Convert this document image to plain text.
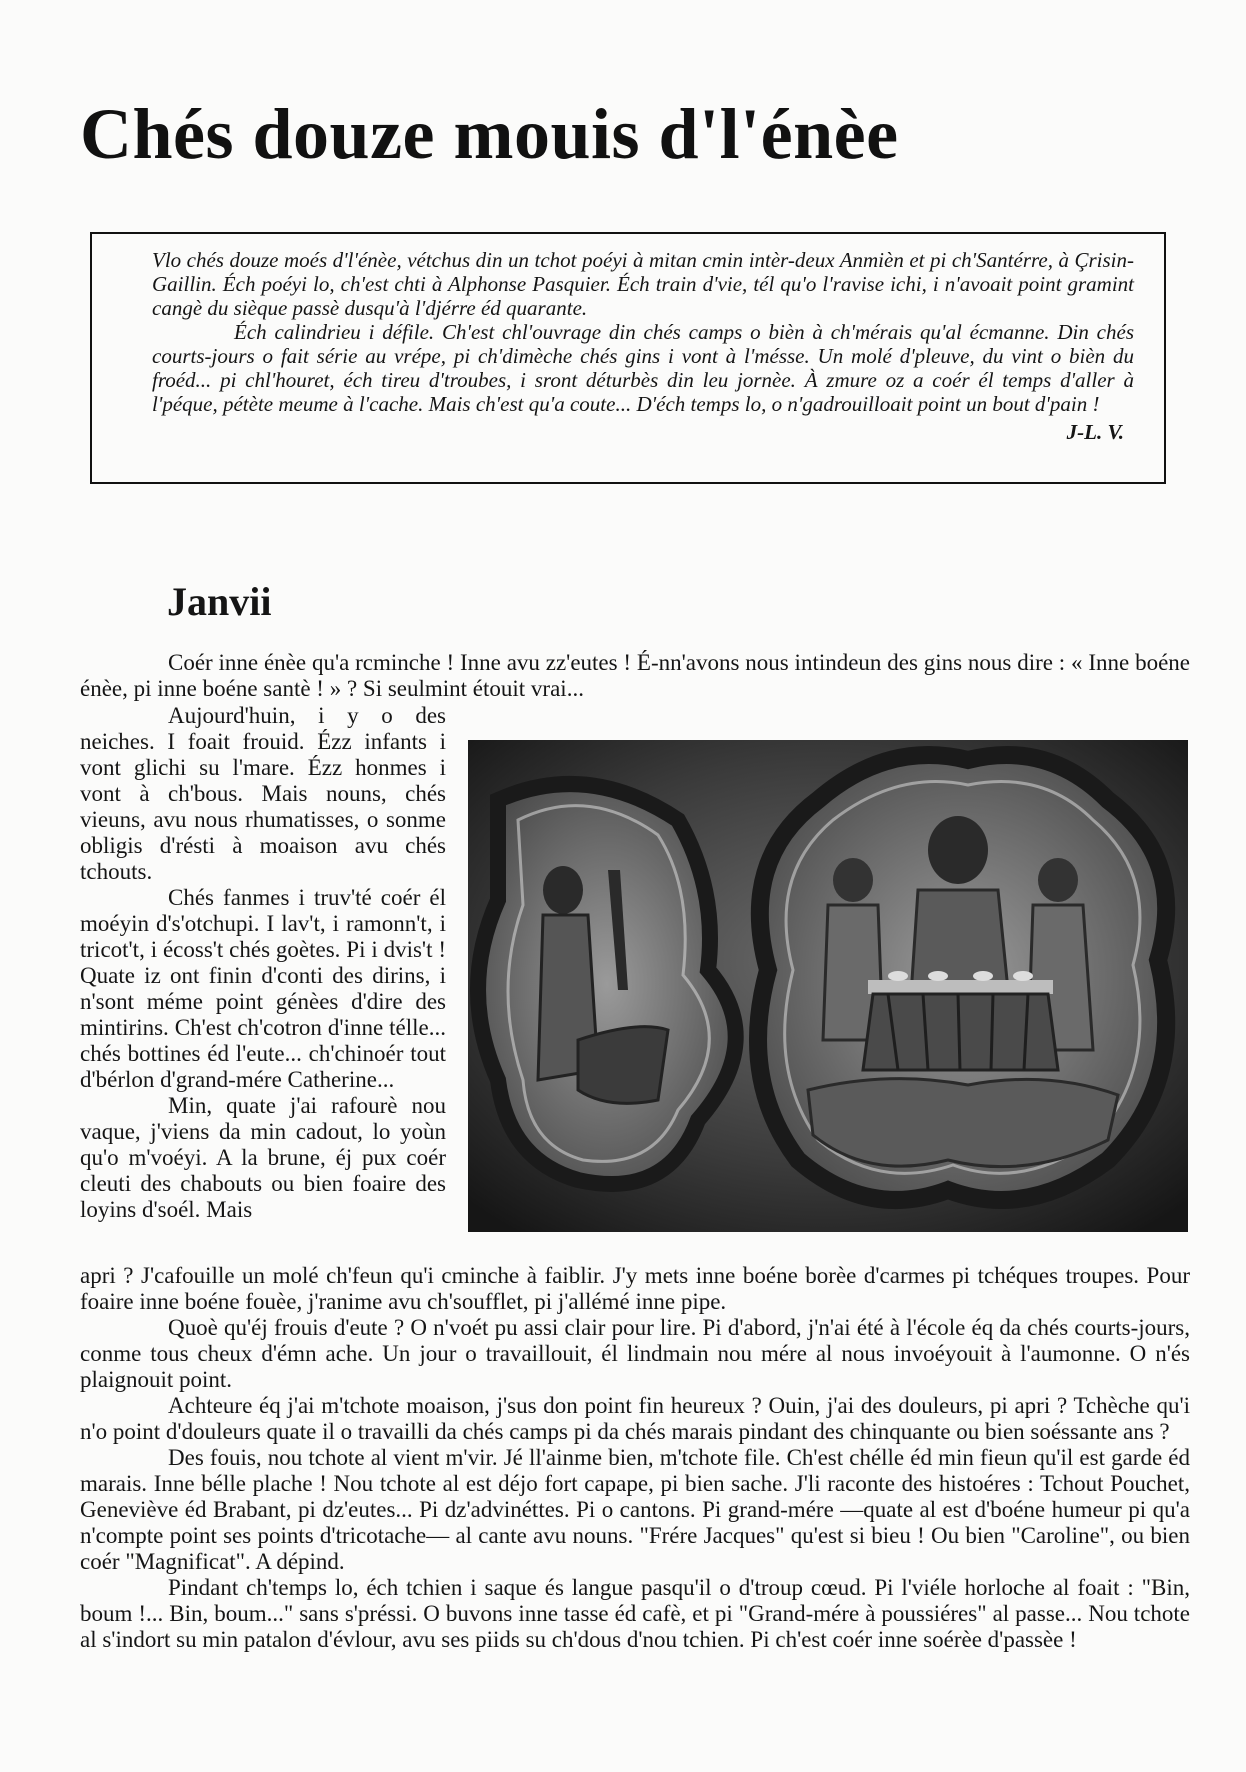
Chés douze mouis d'l'énèe

Vlo chés douze moés d'l'énèe, vétchus din un tchot poéyi à mitan cmin intèr-deux Anmièn et pi ch'Santérre, à Çrisin-Gaillin. Éch poéyi lo, ch'est chti à Alphonse Pasquier. Éch train d'vie, tél qu'o l'ravise ichi, i n'avoait point gramint cangè du sièque passè dusqu'à l'djérre éd quarante.

Éch calindrieu i défile. Ch'est chl'ouvrage din chés camps o bièn à ch'mérais qu'al écmanne. Din chés courts-jours o fait série au vrépe, pi ch'dimèche chés gins i vont à l'mésse. Un molé d'pleuve, du vint o bièn du froéd... pi chl'houret, éch tireu d'troubes, i sront déturbès din leu jornèe. À zmure oz a coér él temps d'aller à l'péque, pétète meume à l'cache. Mais ch'est qu'a coute... D'éch temps lo, o n'gadrouilloait point un bout d'pain !

J-L. V.
Janvii

Coér inne énèe qu'a rcminche ! Inne avu zz'eutes ! É-nn'avons nous intindeun des gins nous dire : « Inne boéne énèe, pi inne boéne santè ! » ? Si seulmint étouit vrai...

Aujourd'huin, i y o des neiches. I foait frouid. Ézz infants i vont glichi su l'mare. Ézz honmes i vont à ch'bous. Mais nouns, chés vieuns, avu nous rhumatisses, o sonme obligis d'résti à moaison avu chés tchouts.

Chés fanmes i truv'té coér él moéyin d's'otchupi. I lav't, i ramonn't, i tricot't, i écoss't chés goètes. Pi i dvis't ! Quate iz ont finin d'conti des dirins, i n'sont méme point génèes d'dire des mintirins. Ch'est ch'cotron d'inne télle... chés bottines éd l'eute... ch'chinoér tout d'bérlon d'grand-mére Catherine...

Min, quate j'ai rafourè nou vaque, j'viens da min cadout, lo yoùn qu'o m'voéyi. A la brune, éj pux coér cleuti des chabouts ou bien foaire des loyins d'soél. Mais

apri ? J'cafouille un molé ch'feun qu'i cminche à faiblir. J'y mets inne boéne borèe d'carmes pi tchéques troupes. Pour foaire inne boéne fouèe, j'ranime avu ch'soufflet, pi j'allémé inne pipe.

Quoè qu'éj frouis d'eute ? O n'voét pu assi clair pour lire. Pi d'abord, j'n'ai été à l'école éq da chés courts-jours, conme tous cheux d'émn ache. Un jour o travaillouit, él lindmain nou mére al nous invoéyouit à l'aumonne. O n'és plaignouit point.

Achteure éq j'ai m'tchote moaison, j'sus don point fin heureux ? Ouin, j'ai des douleurs, pi apri ? Tchèche qu'i n'o point d'douleurs quate il o travailli da chés camps pi da chés marais pindant des chinquante ou bien soéssante ans ?

Des fouis, nou tchote al vient m'vir. Jé ll'ainme bien, m'tchote file. Ch'est chélle éd min fieun qu'il est garde éd marais. Inne bélle plache ! Nou tchote al est déjo fort capape, pi bien sache. J'li raconte des histoéres : Tchout Pouchet, Geneviève éd Brabant, pi dz'eutes... Pi dz'advinéttes. Pi o cantons. Pi grand-mére —quate al est d'boéne humeur pi qu'a n'compte point ses points d'tricotache— al cante avu nouns. "Frére Jacques" qu'est si bieu ! Ou bien "Caroline", ou bien coér "Magnificat". A dépind.

Pindant ch'temps lo, éch tchien i saque és langue pasqu'il o d'troup cœud. Pi l'viéle horloche al foait : "Bin, boum !... Bin, boum..." sans s'préssi. O buvons inne tasse éd cafè, et pi "Grand-mére à poussiéres" al passe... Nou tchote al s'indort su min patalon d'évlour, avu ses piids su ch'dous d'nou tchien. Pi ch'est coér inne soérèe d'passèe !
